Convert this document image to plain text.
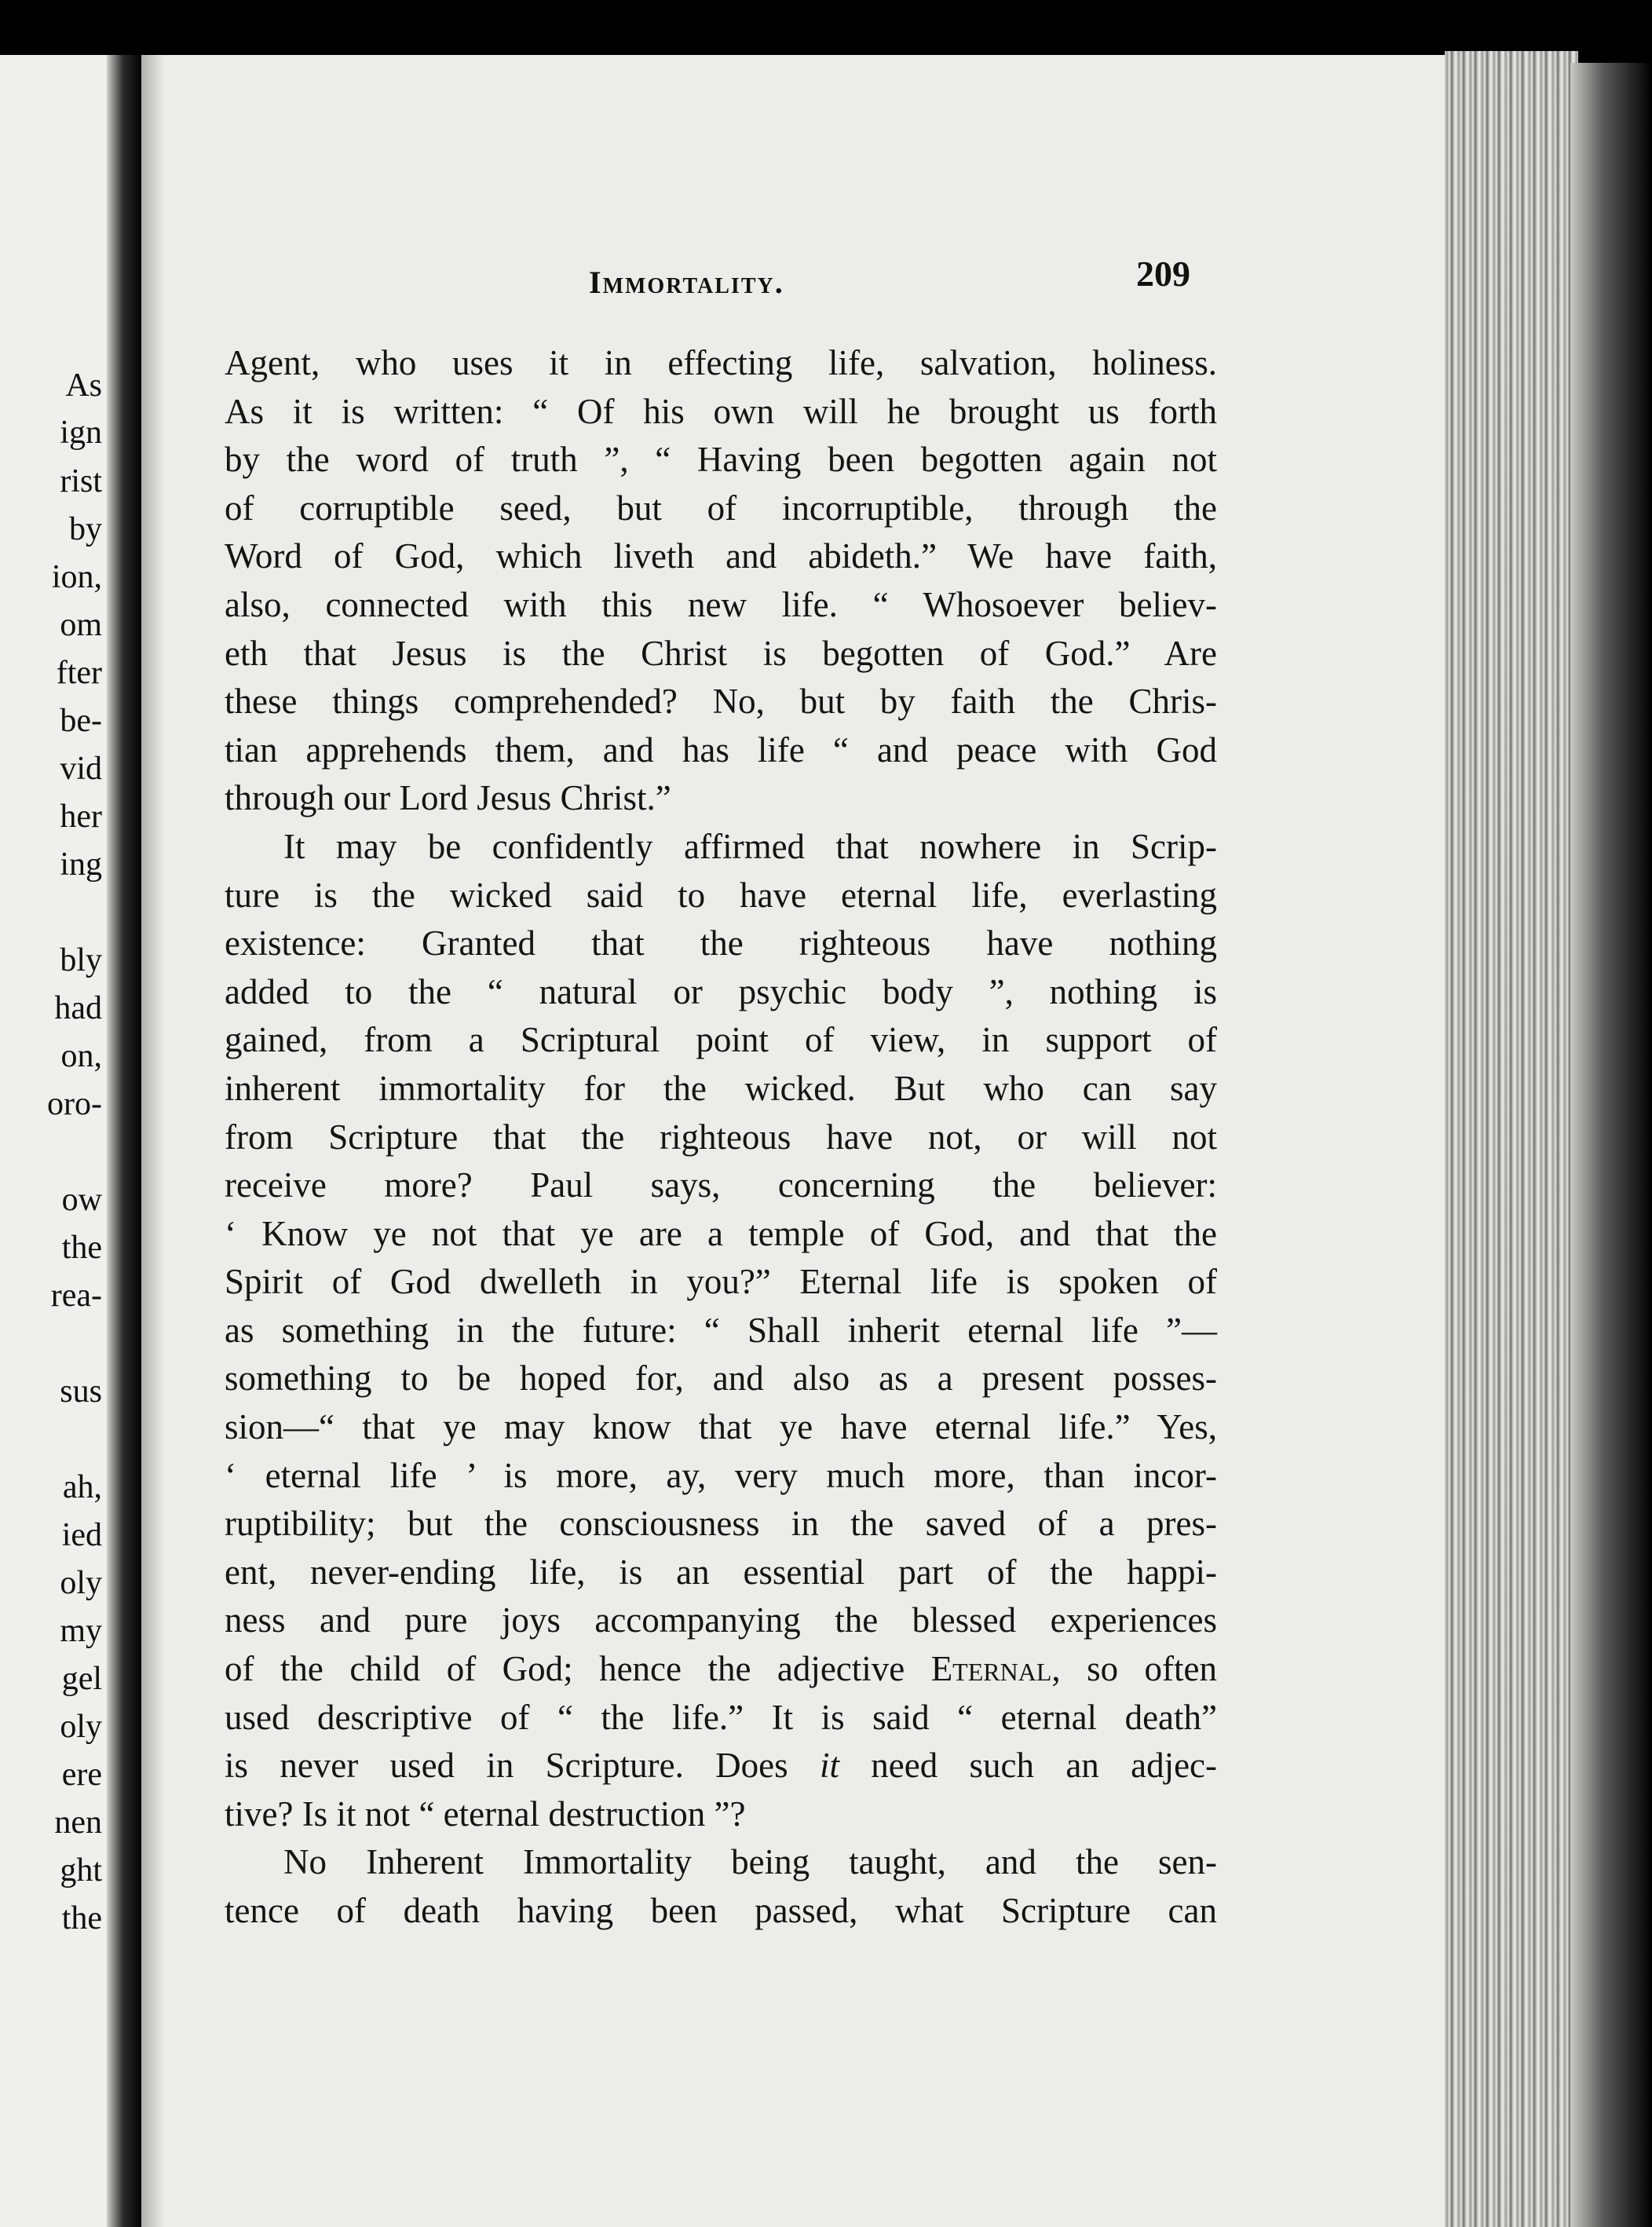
As
ign
rist
by
ion,
om
fter
be-
vid
her
ing
bly
had
on,
oro-
ow
the
rea-
sus
ah,
ied
oly
my
gel
oly
ere
nen
ght
the
Immortality.	209
Agent, who uses it in effecting life, salvation, holiness.
As it is written: “ Of his own will he brought us forth
by the word of truth ”, “ Having been begotten again not
of corruptible seed, but of incorruptible, through the
Word of God, which liveth and abideth.” We have faith,
also, connected with this new life. “ Whosoever believ-
eth that Jesus is the Christ is begotten of God.” Are
these things comprehended? No, but by faith the Chris-
tian apprehends them, and has life “ and peace with God
through our Lord Jesus Christ.”
It may be confidently affirmed that nowhere in Scrip-
ture is the wicked said to have eternal life, everlasting
existence: Granted that the righteous have nothing
added to the “ natural or psychic body ”, nothing is
gained, from a Scriptural point of view, in support of
inherent immortality for the wicked. But who can say
from Scripture that the righteous have not, or will not
receive more? Paul says, concerning the believer:
‘ Know ye not that ye are a temple of God, and that the
Spirit of God dwelleth in you?” Eternal life is spoken of
as something in the future: “ Shall inherit eternal life ”—
something to be hoped for, and also as a present posses-
sion—“ that ye may know that ye have eternal life.” Yes,
‘ eternal life ’ is more, ay, very much more, than incor-
ruptibility; but the consciousness in the saved of a pres-
ent, never-ending life, is an essential part of the happi-
ness and pure joys accompanying the blessed experiences
of the child of God; hence the adjective Eternal, so often
used descriptive of “ the life.” It is said “ eternal death”
is never used in Scripture. Does it need such an adjec-
tive? Is it not “ eternal destruction ”?
No Inherent Immortality being taught, and the sen-
tence of death having been passed, what Scripture can
